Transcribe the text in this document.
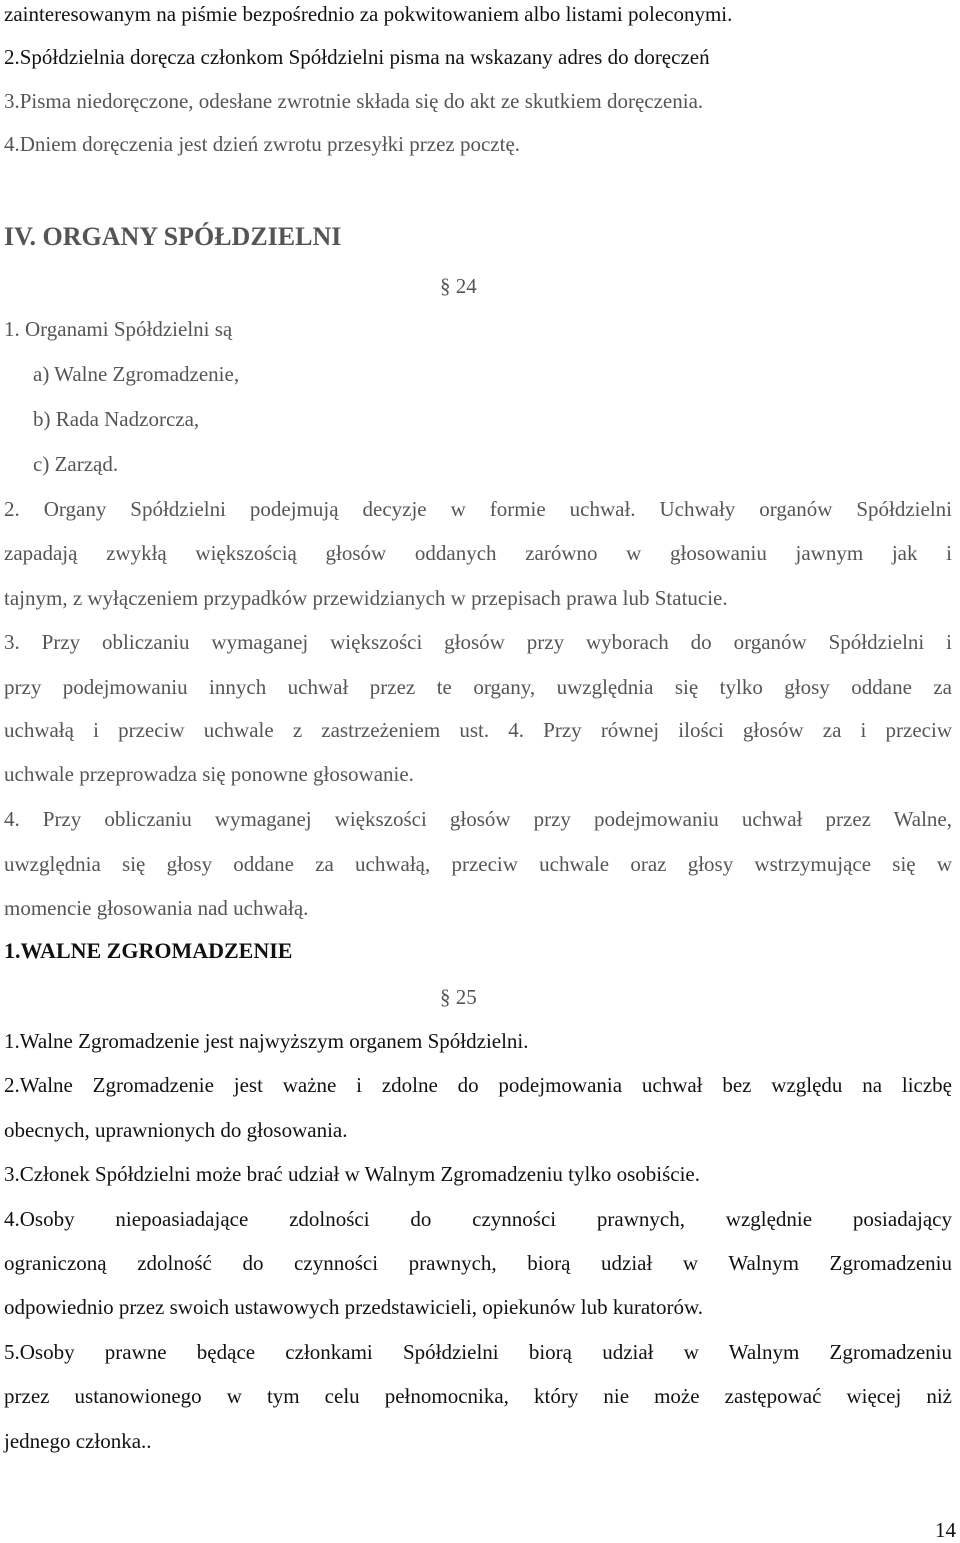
zainteresowanym na piśmie bezpośrednio za pokwitowaniem albo listami poleconymi.
2.Spółdzielnia doręcza członkom Spółdzielni pisma na wskazany adres do doręczeń
3.Pisma niedoręczone, odesłane zwrotnie składa się do akt ze skutkiem doręczenia.
4.Dniem doręczenia jest dzień zwrotu przesyłki przez pocztę.
IV. ORGANY SPÓŁDZIELNI
§ 24
1. Organami Spółdzielni są
a) Walne Zgromadzenie,
b) Rada Nadzorcza,
c) Zarząd.
2. Organy Spółdzielni podejmują decyzje w formie uchwał. Uchwały organów Spółdzielni
zapadają zwykłą większością głosów oddanych zarówno w głosowaniu jawnym jak i
tajnym, z wyłączeniem przypadków przewidzianych w przepisach prawa lub Statucie.
3. Przy obliczaniu wymaganej większości głosów przy wyborach do organów Spółdzielni i
przy podejmowaniu innych uchwał przez te organy, uwzględnia się tylko głosy oddane za
uchwałą i przeciw uchwale z zastrzeżeniem ust. 4. Przy równej ilości głosów za i przeciw
uchwale przeprowadza się ponowne głosowanie.
4. Przy obliczaniu wymaganej większości głosów przy podejmowaniu uchwał przez Walne,
uwzględnia się głosy oddane za uchwałą, przeciw uchwale oraz głosy wstrzymujące się w
momencie głosowania nad uchwałą.
1.WALNE ZGROMADZENIE
§ 25
1.Walne Zgromadzenie jest najwyższym organem Spółdzielni.
2.Walne Zgromadzenie jest ważne i zdolne do podejmowania uchwał bez względu na liczbę
obecnych, uprawnionych do głosowania.
3.Członek Spółdzielni może brać udział w Walnym Zgromadzeniu tylko osobiście.
4.Osoby niepoasiadające zdolności do czynności prawnych, względnie posiadający
ograniczoną zdolność do czynności prawnych, biorą udział w Walnym Zgromadzeniu
odpowiednio przez swoich ustawowych przedstawicieli, opiekunów lub kuratorów.
5.Osoby prawne będące członkami Spółdzielni biorą udział w Walnym Zgromadzeniu
przez ustanowionego w tym celu pełnomocnika, który nie może zastępować więcej niż
jednego członka..
14
